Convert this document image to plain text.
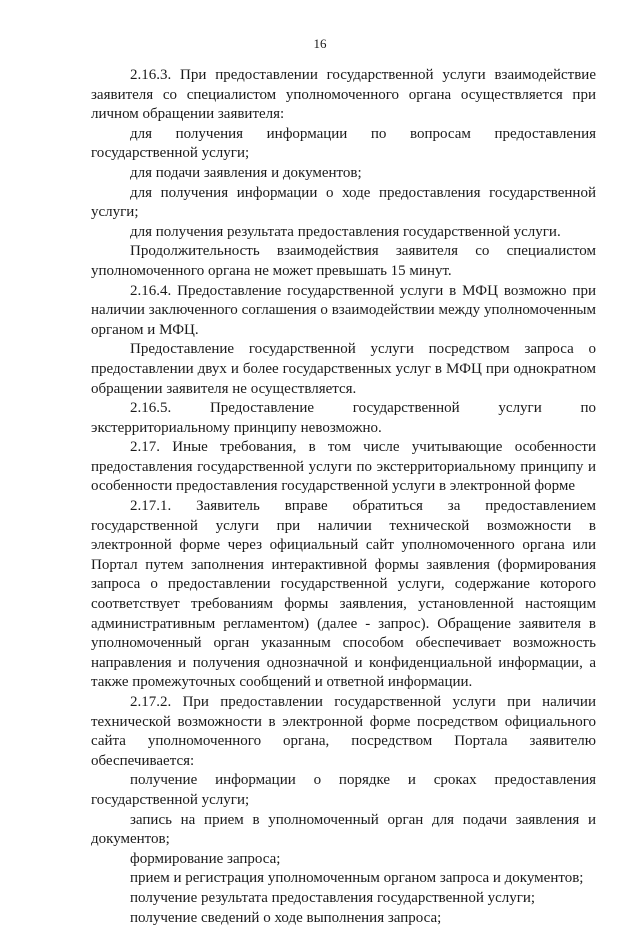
16

2.16.3. При предоставлении государственной услуги взаимодействие заявителя со специалистом уполномоченного органа осуществляется при личном обращении заявителя:

для получения информации по вопросам предоставления государственной услуги;

для подачи заявления и документов;

для получения информации о ходе предоставления государственной услуги;

для получения результата предоставления государственной услуги.

Продолжительность взаимодействия заявителя со специалистом уполномоченного органа не может превышать 15 минут.

2.16.4. Предоставление государственной услуги в МФЦ возможно при наличии заключенного соглашения о взаимодействии между уполномоченным органом и МФЦ.

Предоставление государственной услуги посредством запроса о предоставлении двух и более государственных услуг в МФЦ при однократном обращении заявителя не осуществляется.

2.16.5. Предоставление государственной услуги по экстерриториальному принципу невозможно.

2.17. Иные требования, в том числе учитывающие особенности предоставления государственной услуги по экстерриториальному принципу и особенности предоставления государственной услуги в электронной форме

2.17.1. Заявитель вправе обратиться за предоставлением государственной услуги при наличии технической возможности в электронной форме через официальный сайт уполномоченного органа или Портал путем заполнения интерактивной формы заявления (формирования запроса о предоставлении государственной услуги, содержание которого соответствует требованиям формы заявления, установленной настоящим административным регламентом) (далее - запрос). Обращение заявителя в уполномоченный орган указанным способом обеспечивает возможность направления и получения однозначной и конфиденциальной информации, а также промежуточных сообщений и ответной информации.

2.17.2. При предоставлении государственной услуги при наличии технической возможности в электронной форме посредством официального сайта уполномоченного органа, посредством Портала заявителю обеспечивается:

получение информации о порядке и сроках предоставления государственной услуги;

запись на прием в уполномоченный орган для подачи заявления и документов;

формирование запроса;

прием и регистрация уполномоченным органом запроса и документов;

получение результата предоставления государственной услуги;

получение сведений о ходе выполнения запроса;
